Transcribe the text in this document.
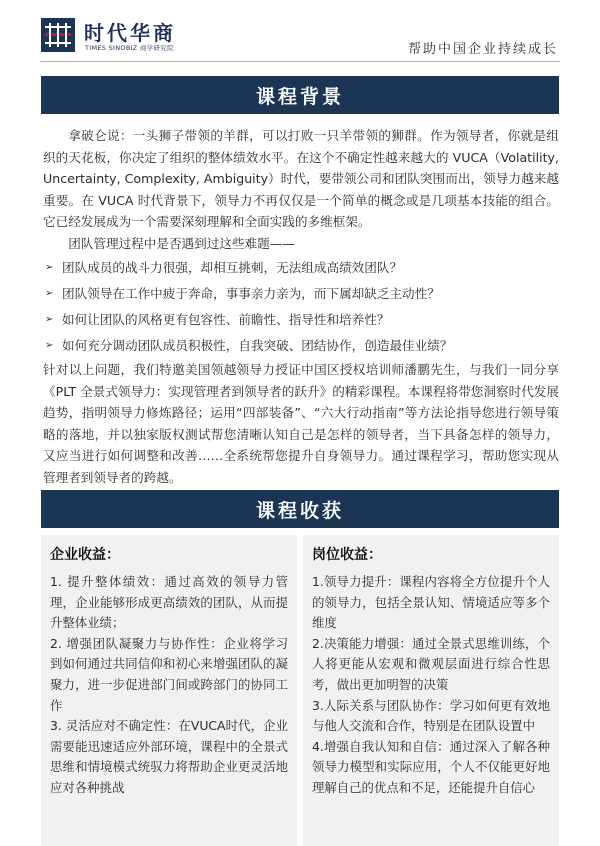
时代华商
TIMES SINOBIZ 商学研究院	帮助中国企业持续成长
课程背景

拿破仑说：一头狮子带领的羊群，可以打败一只羊带领的狮群。作为领导者，你就是组织的天花板，你决定了组织的整体绩效水平。在这个不确定性越来越大的 VUCA（Volatility, Uncertainty, Complexity, Ambiguity）时代，要带领公司和团队突围而出，领导力越来越重要。在 VUCA 时代背景下，领导力不再仅仅是一个简单的概念或是几项基本技能的组合。它已经发展成为一个需要深刻理解和全面实践的多维框架。

团队管理过程中是否遇到过这些难题——

➢ 团队成员的战斗力很强，却相互挑刺，无法组成高绩效团队？
➢ 团队领导在工作中疲于奔命，事事亲力亲为，而下属却缺乏主动性？
➢ 如何让团队的风格更有包容性、前瞻性、指导性和培养性？
➢ 如何充分调动团队成员积极性，自我突破、团结协作，创造最佳业绩？

针对以上问题，我们特邀美国领越领导力授证中国区授权培训师潘鹏先生，与我们一同分享《PLT 全景式领导力：实现管理者到领导者的跃升》的精彩课程。本课程将带您洞察时代发展趋势，指明领导力修炼路径；运用“四部装备”、“六大行动指南”等方法论指导您进行领导策略的落地，并以独家版权测试帮您清晰认知自己是怎样的领导者，当下具备怎样的领导力，又应当进行如何调整和改善……全系统帮您提升自身领导力。通过课程学习，帮助您实现从管理者到领导者的跨越。

课程收获
企业收益：

1. 提升整体绩效：通过高效的领导力管理，企业能够形成更高绩效的团队，从而提升整体业绩；

2. 增强团队凝聚力与协作性：企业将学习到如何通过共同信仰和初心来增强团队的凝聚力，进一步促进部门间或跨部门的协同工作

3. 灵活应对不确定性：在VUCA时代，企业需要能迅速适应外部环境，课程中的全景式思维和情境模式统驭力将帮助企业更灵活地应对各种挑战

岗位收益：

1.领导力提升：课程内容将全方位提升个人的领导力，包括全景认知、情境适应等多个维度

2.决策能力增强：通过全景式思维训练，个人将更能从宏观和微观层面进行综合性思考，做出更加明智的决策

3.人际关系与团队协作：学习如何更有效地与他人交流和合作，特别是在团队设置中

4.增强自我认知和自信：通过深入了解各种领导力模型和实际应用，个人不仅能更好地理解自己的优点和不足，还能提升自信心
